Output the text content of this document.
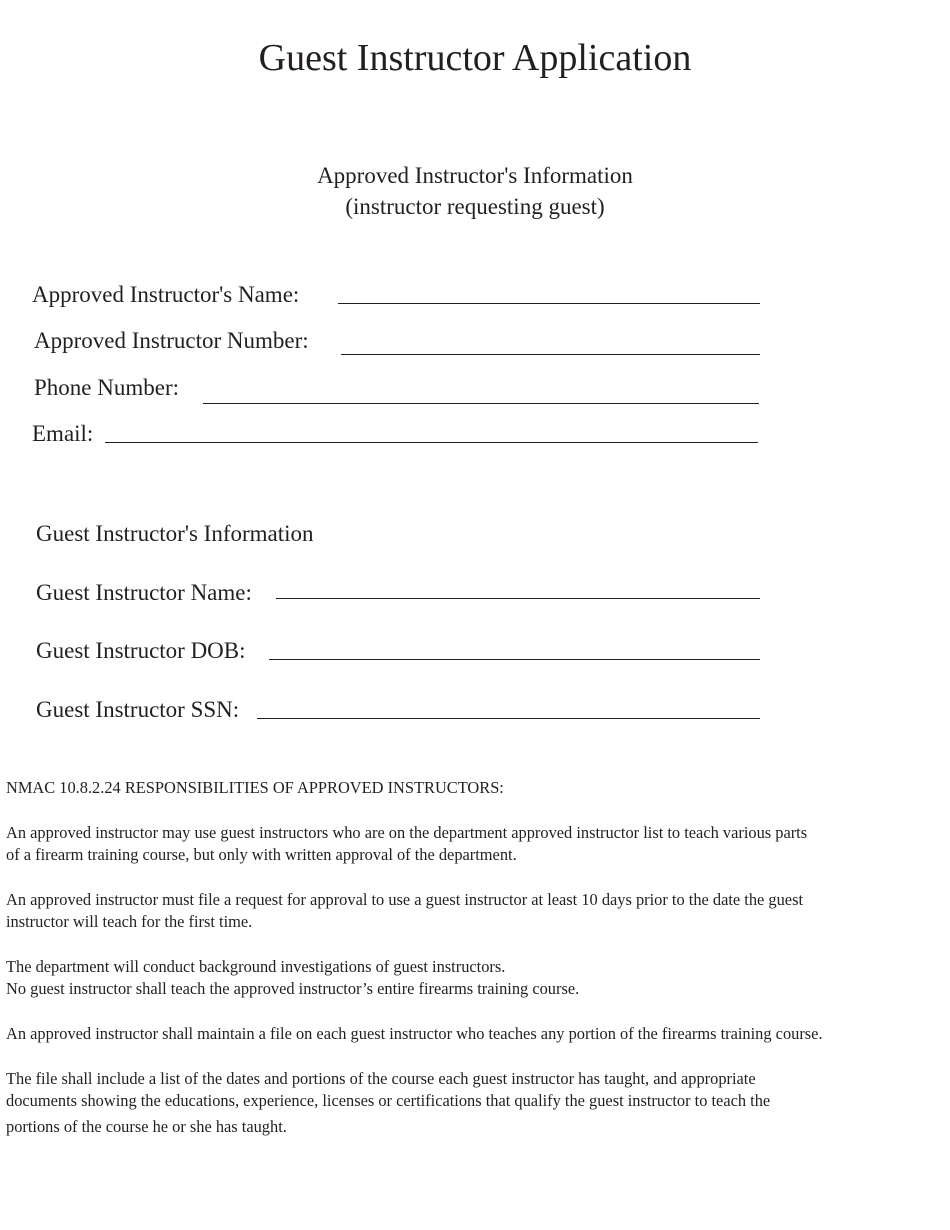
Guest Instructor Application
Approved Instructor's Information
(instructor requesting guest)
Approved Instructor's Name:
Approved Instructor Number:
Phone Number:
Email:
Guest Instructor's Information
Guest Instructor Name:
Guest Instructor DOB:
Guest Instructor SSN:
NMAC 10.8.2.24 RESPONSIBILITIES OF APPROVED INSTRUCTORS:
An approved instructor may use guest instructors who are on the department approved instructor list to teach various parts
of a firearm training course, but only with written approval of the department.
An approved instructor must file a request for approval to use a guest instructor at least 10 days prior to the date the guest
instructor will teach for the first time.
The department will conduct background investigations of guest instructors.
No guest instructor shall teach the approved instructor’s entire firearms training course.
An approved instructor shall maintain a file on each guest instructor who teaches any portion of the firearms training course.
The file shall include a list of the dates and portions of the course each guest instructor has taught, and appropriate
documents showing the educations, experience, licenses or certifications that qualify the guest instructor to teach the
portions of the course he or she has taught.
